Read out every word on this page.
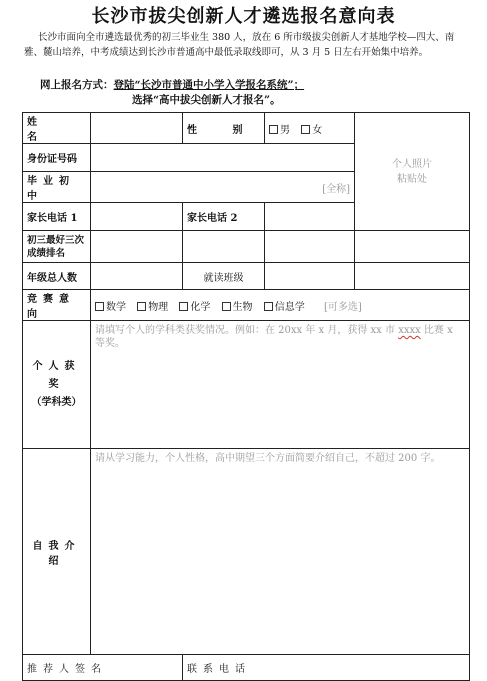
长沙市拔尖创新人才遴选报名意向表
长沙市面向全市遴选最优秀的初三毕业生 380 人，放在 6 所市级拔尖创新人才基地学校—四大、南雅、麓山培养，中考成绩达到长沙市普通高中最低录取线即可，从 3 月 5 日左右开始集中培养。
网上报名方式：登陆“长沙市普通中小学入学报名系统”；
选择“高中拔尖创新人才报名”。
姓 名		性 别	男 女	个人照片
粘贴处

身份证号码				
毕业初中	[全称]			
家长电话 1		家长电话 2		
初三最好三次成绩排名				
年级总人数		就读班级		
竞赛意向	数学 物理 化学 生物 信息学 [可多选]			

个人获奖
（学科类）	请填写个人的学科类获奖情况。例如：在 20xx 年 x 月，获得 xx 市 xxxx 比赛 x 等奖。			
自我介绍	请从学习能力，个人性格，高中期望三个方面简要介绍自己，不超过 200 字。			
推荐人签名		联系电话		
